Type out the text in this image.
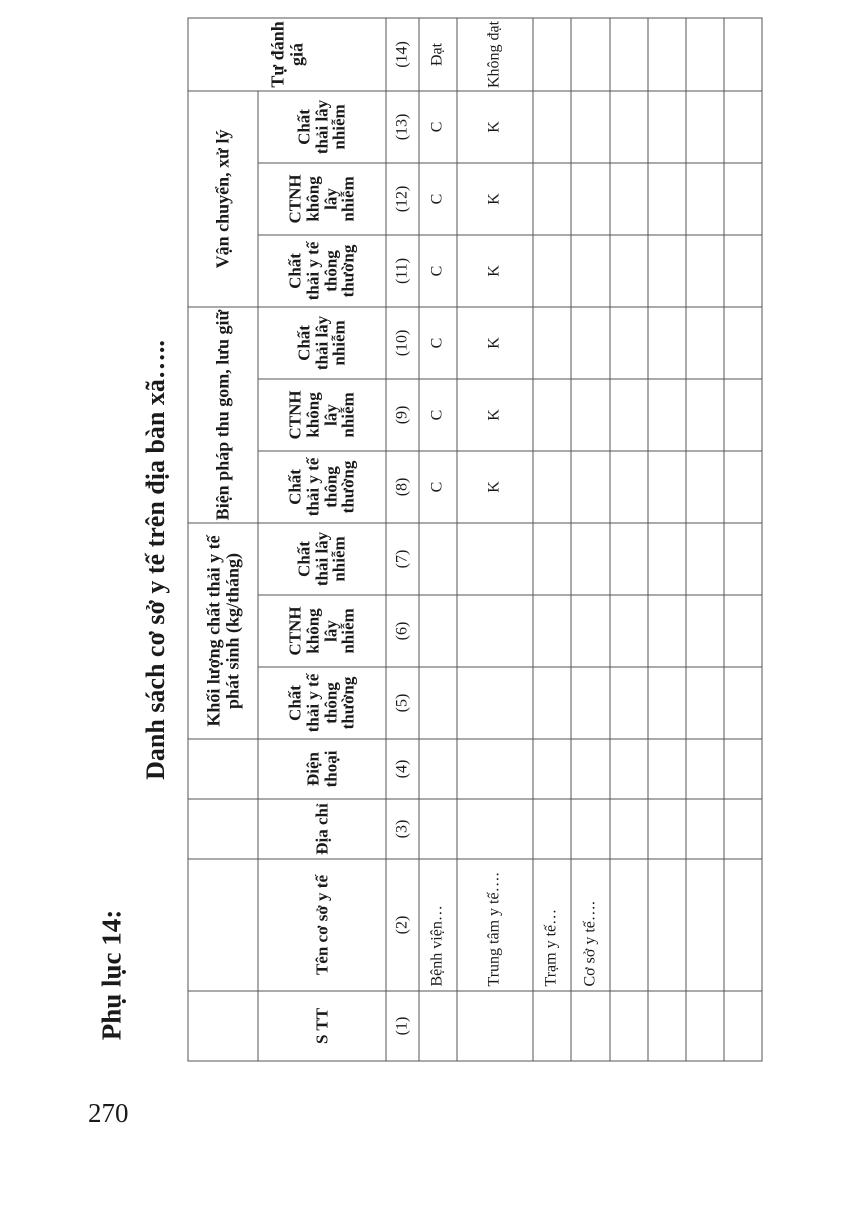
270
Phụ lục 14:
Danh sách cơ sở y tế trên địa bàn xã…..
				Khối lượng chất thải y tế phát sinh (kg/tháng)			Biện pháp thu gom, lưu giữ			Vận chuyển, xử lý			Tự đánh giá
S TT	Tên cơ sở y tế	Địa chỉ	Điện thoại	Chất thải y tế thông thường	CTNH không lây nhiễm	Chất thải lây nhiễm	Chất thải y tế thông thường	CTNH không lây nhiễm	Chất thải lây nhiễm	Chất thải y tế thông thường	CTNH không lây nhiễm	Chất thải lây nhiễm	
(1)	(2)	(3)	(4)	(5)	(6)	(7)	(8)	(9)	(10)	(11)	(12)	(13)	(14)
	Bệnh viện…						C	C	C	C	C	C	Đạt
	Trung tâm y tế….						K	K	K	K	K	K	Không đạt
	Trạm y tế…												
	Cơ sở y tế….												
